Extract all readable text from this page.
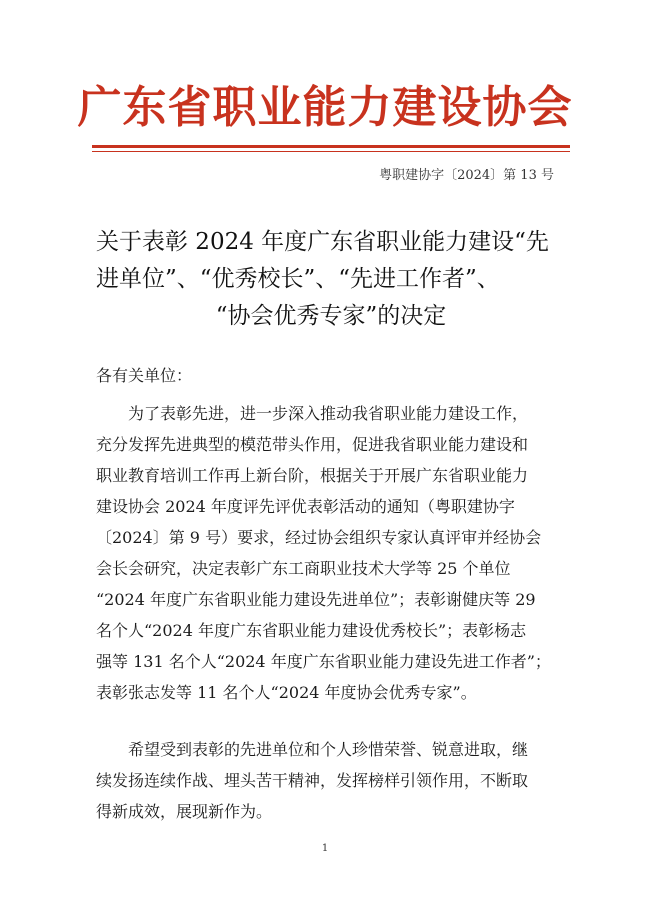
广东省职业能力建设协会
粤职建协字〔2024〕第 13 号
关于表彰 2024 年度广东省职业能力建设“先
进单位”、“优秀校长”、“先进工作者”、
“协会优秀专家”的决定
各有关单位：
　　为了表彰先进，进一步深入推动我省职业能力建设工作，
充分发挥先进典型的模范带头作用，促进我省职业能力建设和
职业教育培训工作再上新台阶，根据关于开展广东省职业能力
建设协会 2024 年度评先评优表彰活动的通知（粤职建协字
〔2024〕第 9 号）要求，经过协会组织专家认真评审并经协会
会长会研究，决定表彰广东工商职业技术大学等 25 个单位
“2024 年度广东省职业能力建设先进单位”；表彰谢健庆等 29
名个人“2024 年度广东省职业能力建设优秀校长”；表彰杨志
强等 131 名个人“2024 年度广东省职业能力建设先进工作者”；
表彰张志发等 11 名个人“2024 年度协会优秀专家”。
　　希望受到表彰的先进单位和个人珍惜荣誉、锐意进取，继
续发扬连续作战、埋头苦干精神，发挥榜样引领作用，不断取
得新成效，展现新作为。
1
